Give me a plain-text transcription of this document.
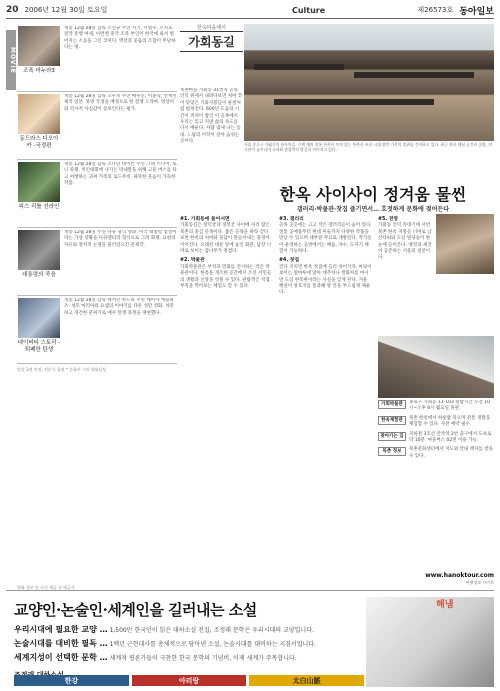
20 2006년 12월 30일 토요일	Culture	제26573호 동아일보
MOVIE 조폭 마누라3
개봉 12월 28일 감독 조진규 주연 서기, 이범수, 오지호. 전작 흥행 여세, 이번엔 중국 조폭 부인이 한국에 와서 벌어지는 소동을 그린 코미디. 액션과 웃음의 조합이 무난하다는 평.
동드라스 디오아카 -국경편
개봉 12월 28일 감독 오우치 주연 배우진, 이종학, 안재민 제작 일본. 북방 국경을 배경으로 한 전쟁 드라마. 영상미와 역사적 사실감이 돋보인다는 평가.
피스 리틀 선라인
개봉 12월 28일 감독 조나단 데이튼 주연 그렉 키니어, 토니 콜렛. 미인대회에 나가는 막내딸을 위해 고물 버스를 타고 여행하는 괴짜 가족의 로드무비. 따뜻한 웃음이 가득한 작품.
대통령의 죽음
개봉 12월 28일 주연 다큐 형식 영화. 미국 대통령 암살이라는 가상 상황을 다큐멘터리 형식으로 그려 화제. 표현의 자유와 정치적 논쟁을 불러일으킨 문제작.
네이버티 스토리 -퇴폐한 탄생
개봉 12월 28일 감독 캐서린 하드윅 주연 케이샤 캐슬휴즈. 성모 마리아와 요셉의 이야기를 다룬 성탄 영화. 차분하고 경건한 분위기로 예수 탄생 과정을 재현했다.
별점 3개 만점, 전문가 평점 * 문화부 기자 영화담당
한옥마을에서
가회동길
북촌마을 가회동 31번지 골목 언덕 위에서 내려다보면 처마 끝이 맞닿은 기와지붕들이 물결처럼 펼쳐진다. 600년 도읍의 시간이 켜켜이 쌓인 이 골목에서 우리는 잊고 지낸 삶의 속도를 다시 배운다. 사람 냄새 나는 동네, 느림의 미학이 살아 숨쉬는 곳이다.
서울 종로구 가회동의 한옥마을. 수백 채의 전통 한옥이 모여 있는 북촌은 조선 시대 양반 가옥의 정취를 간직하고 있다. 최근 한옥 체험 공간과 공방, 전시관이 늘어나며 국내외 관광객의 발길이 이어지고 있다.
한옥 사이사이 정겨움 물씬
갤러리·박물관·찻집 즐기면서… 호젓하게 문화에 젖어든다
#1. 가회동에 들어서면
가회동길은 창덕궁과 경복궁 사이에 자리 잡은 북촌의 중심 골목이다. 좁은 골목을 따라 걷다 보면 한옥의 처마와 돌담이 만들어내는 풍경이 이어진다. 오래된 대문 앞에 놓인 화분, 담장 너머로 보이는 감나무가 정겹다.
#2. 박물관
가회박물관은 부적과 민화를 전시하는 작은 박물관이다. 한옥을 개조한 공간에서 조선 서민들의 생활과 신앙을 엿볼 수 있다. 관람객은 직접 부적을 찍어보는 체험도 할 수 있다.
#3. 갤러리
골목 곳곳에는 크고 작은 갤러리들이 숨어 있다. 전통 공예품부터 현대 미술까지 다양한 작품을 만날 수 있으며 대부분 무료로 개방된다. 작가들이 운영하는 공방에서는 매듭, 자수, 도자기 체험이 가능하다.
#4. 찻집
걷다 지치면 한옥 찻집에 들러 쉬어가자. 마당이 보이는 툇마루에 앉아 대추차나 쌍화차를 마시면 도심 한복판이라는 사실을 잊게 된다. 겨울 햇살이 창호지를 통과해 방 안을 부드럽게 채운다.
#5. 전망
가회동 언덕 꼭대기에 서면 북촌 한옥 지붕들 너머로 남산타워와 도심 빌딩숲이 한눈에 들어온다. 옛것과 새것이 공존하는 서울의 얼굴이다.
가회박물관	종로구 가회동 11-103 관람시간 오전 10시~오후 6시 월요일 휴관.
한옥체험관	북촌 한옥에서 하룻밤 묵으며 전통 생활을 체험할 수 있다. 사전 예약 필수.
찾아가는 길	지하철 3호선 안국역 2번 출구에서 도보로 약 10분. 마을버스 02번 이용 가능.
북촌 정보	북촌문화센터에서 지도와 안내 책자를 받을 수 있다.
www.hanoktour.com
여행정보 사이트
영화 정보 및 사진 제공 각 배급사
교양인·논술인·세계인을 길러내는 소설
우리시대에 필요한 교양 … 1,500만 한국인이 읽은 대하소설 전집, 조정래 문학은 우리시대의 교양입니다.
논술시대를 대비한 필독 … 1백년 근현대사를 총체적으로 담아낸 소설, 논술시대를 대비하는 지침서입니다.
세계지성이 선택한 문학 … 세계적 평론가들이 극찬한 한국 문학의 기념비, 이제 세계가 주목합니다.
한강	아리랑	太白山脈
해냄
